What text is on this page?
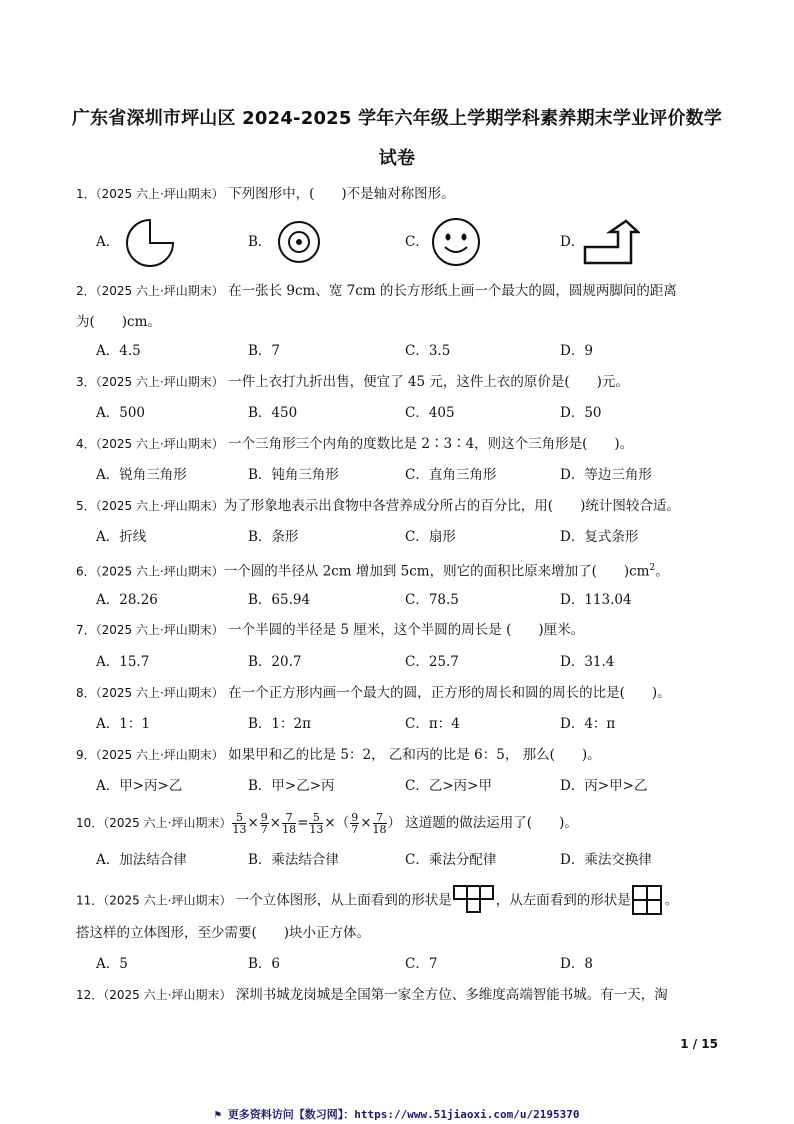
广东省深圳市坪山区 2024-2025 学年六年级上学期学科素养期末学业评价数学
试卷
1．（2025 六上·坪山期末） 下列图形中，(　　)不是轴对称图形。
A．	B．	C．	D．
2．（2025 六上·坪山期末） 在一张长 9cm、宽 7cm 的长方形纸上画一个最大的圆，圆规两脚间的距离
为(　　)cm。
A．4.5	B．7	C．3.5	D．9
3．（2025 六上·坪山期末） 一件上衣打九折出售，便宜了 45 元，这件上衣的原价是(　　)元。
A．500	B．450	C．405	D．50
4．（2025 六上·坪山期末） 一个三角形三个内角的度数比是 2∶3∶4，则这个三角形是(　　)。
A．锐角三角形	B．钝角三角形	C．直角三角形	D．等边三角形
5．（2025 六上·坪山期末）为了形象地表示出食物中各营养成分所占的百分比，用(　　)统计图较合适。
A．折线	B．条形	C．扇形	D．复式条形
6．（2025 六上·坪山期末）一个圆的半径从 2cm 增加到 5cm，则它的面积比原来增加了(　　)$cm^2$。
A．28.26	B．65.94	C．78.5	D．113.04
7．（2025 六上·坪山期末） 一个半圆的半径是 5 厘米，这个半圆的周长是 (　　)厘米。
A．15.7	B．20.7	C．25.7	D．31.4
8．（2025 六上·坪山期末） 在一个正方形内画一个最大的圆，正方形的周长和圆的周长的比是(　　)。
A．1：1	B．1：2π	C．π：4	D．4：π
9．（2025 六上·坪山期末） 如果甲和乙的比是 5：2， 乙和丙的比是 6：5， 那么(　　)。
A．甲>丙>乙	B．甲>乙>丙	C．乙>丙>甲	D．丙>甲>乙
10．（2025 六上·坪山期末） $\frac{5}{13} \times \frac{9}{7} \times \frac{7}{18} = \frac{5}{13}$ ×（ $\frac{9}{7} \times \frac{7}{18}$ ） 这道题的做法运用了(　　)。
A．加法结合律	B．乘法结合律	C．乘法分配律	D．乘法交换律
11．（2025 六上·坪山期末） 一个立体图形，从上面看到的形状是	，从左面看到的形状是	。
搭这样的立体图形，至少需要(　　)块小正方体。
A．5	B．6	C．7	D．8
12．（2025 六上·坪山期末） 深圳书城龙岗城是全国第一家全方位、多维度高端智能书城。有一天，淘
1 / 15
⚑ 更多资料访问【数习网】：https://www.51jiaoxi.com/u/2195370
